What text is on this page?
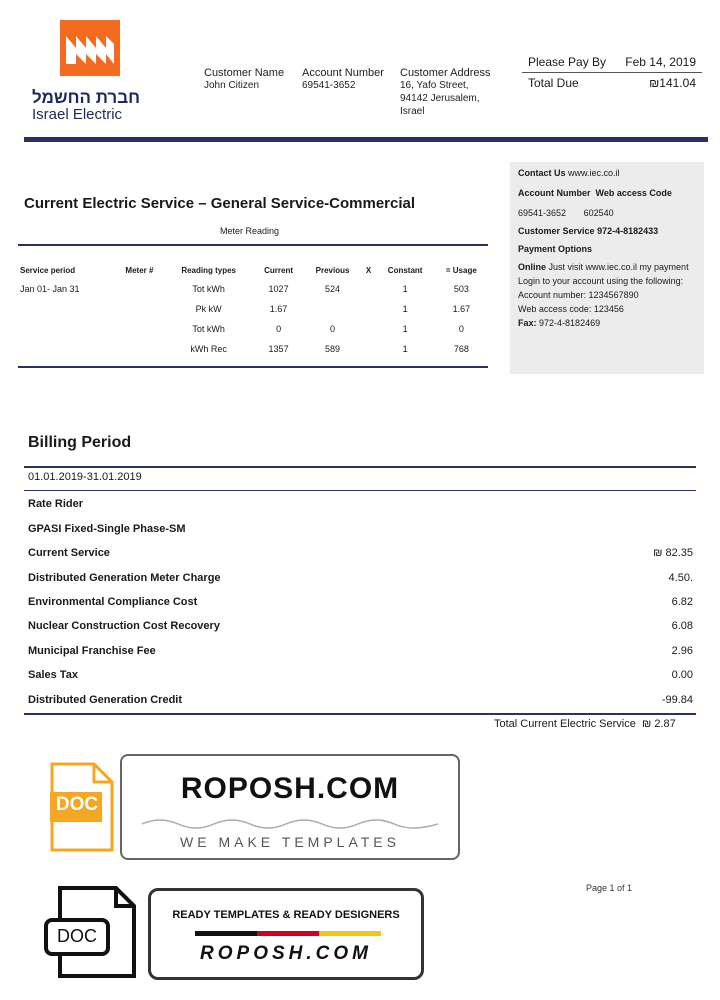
חברת החשמל
Israel Electric
Customer Name
John Citizen
Account Number
69541-3652
Customer Address
16, Yafo Street,
94142 Jerusalem,
Israel
Please Pay By Feb 14, 2019
Total Due	₪141.04
Current Electric Service – General Service-Commercial
Meter Reading
Service period	Meter #	Reading types	Current	Previous	X	Constant	= Usage
Jan 01- Jan 31		Tot kWh	1027	524		1	503
		Pk kW	1.67			1	1.67
		Tot kWh	0	0		1	0
		kWh Rec	1357	589		1	768
Contact Us www.iec.co.il
Account Number Web access Code
69541-3652 602540
Customer Service 972-4-8182433
Payment Options
Online Just visit www.iec.co.il my payment
Login to your account using the following:
Account number: 1234567890
Web access code: 123456
Fax: 972-4-8182469
Billing Period
01.01.2019-31.01.2019
Rate Rider
GPASI Fixed-Single Phase-SM
Current Service	₪ 82.35
Distributed Generation Meter Charge	4.50.
Environmental Compliance Cost	6.82
Nuclear Construction Cost Recovery	6.08
Municipal Franchise Fee	2.96
Sales Tax	0.00
Distributed Generation Credit	-99.84
Total Current Electric Service ₪ 2.87
DOC	ROPOSH.COM
WE MAKE TEMPLATES
Page 1 of 1
DOC
READY TEMPLATES & READY DESIGNERS
ROPOSH.COM
